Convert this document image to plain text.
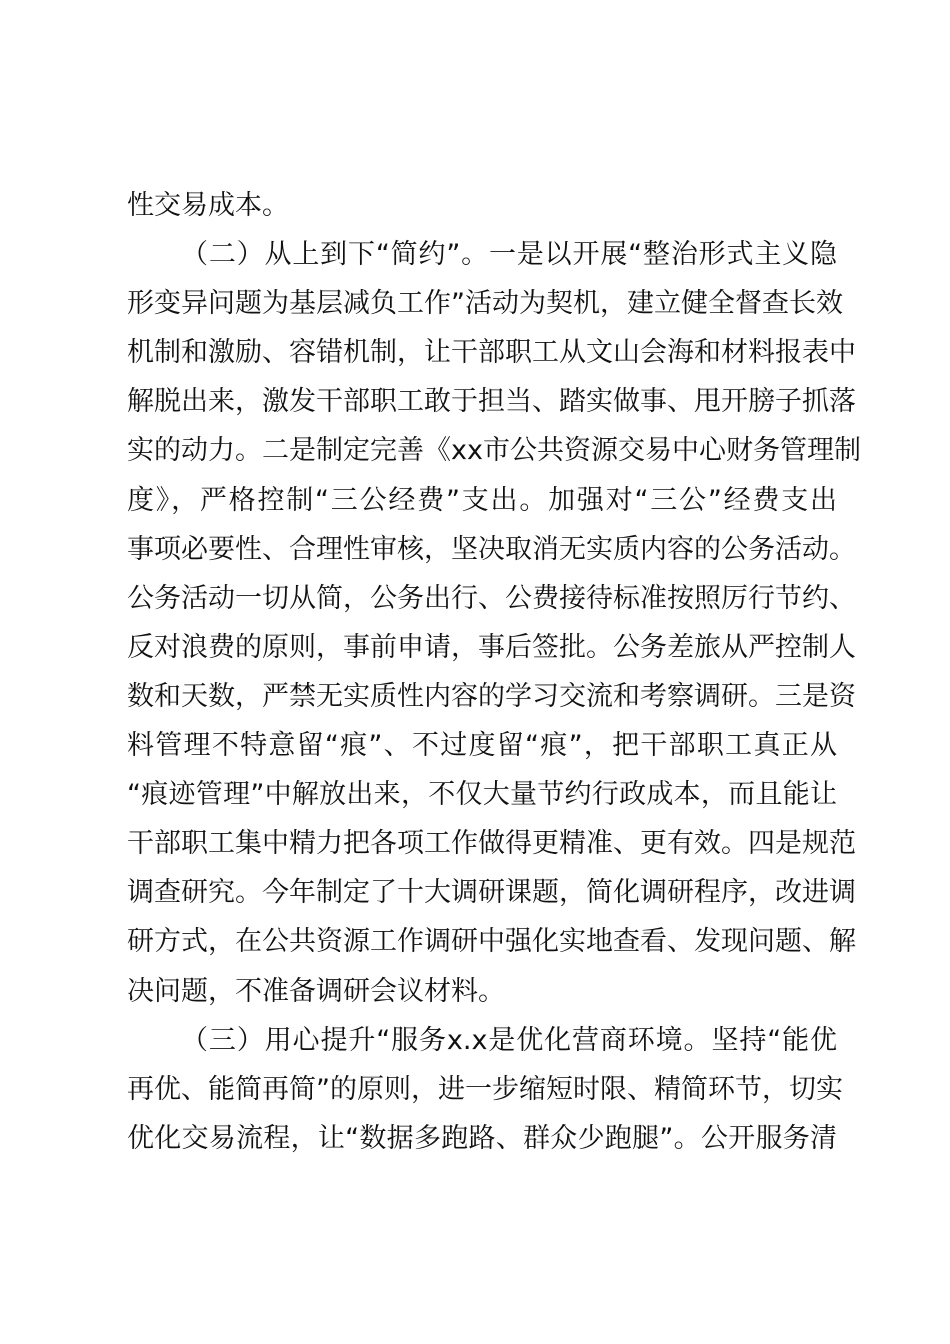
性交易成本。
（二）从上到下“简约”。一是以开展“整治形式主义隐
形变异问题为基层减负工作”活动为契机，建立健全督查长效
机制和激励、容错机制，让干部职工从文山会海和材料报表中
解脱出来，激发干部职工敢于担当、踏实做事、甩开膀子抓落
实的动力。二是制定完善《xx市公共资源交易中心财务管理制
度》，严格控制“三公经费”支出。加强对“三公”经费支出
事项必要性、合理性审核，坚决取消无实质内容的公务活动。
公务活动一切从简，公务出行、公费接待标准按照厉行节约、
反对浪费的原则，事前申请，事后签批。公务差旅从严控制人
数和天数，严禁无实质性内容的学习交流和考察调研。三是资
料管理不特意留“痕”、不过度留“痕”，把干部职工真正从
“痕迹管理”中解放出来，不仅大量节约行政成本，而且能让
干部职工集中精力把各项工作做得更精准、更有效。四是规范
调查研究。今年制定了十大调研课题，简化调研程序，改进调
研方式，在公共资源工作调研中强化实地查看、发现问题、解
决问题，不准备调研会议材料。
（三）用心提升“服务x.x是优化营商环境。坚持“能优
再优、能简再简”的原则，进一步缩短时限、精简环节，切实
优化交易流程，让“数据多跑路、群众少跑腿”。公开服务清
